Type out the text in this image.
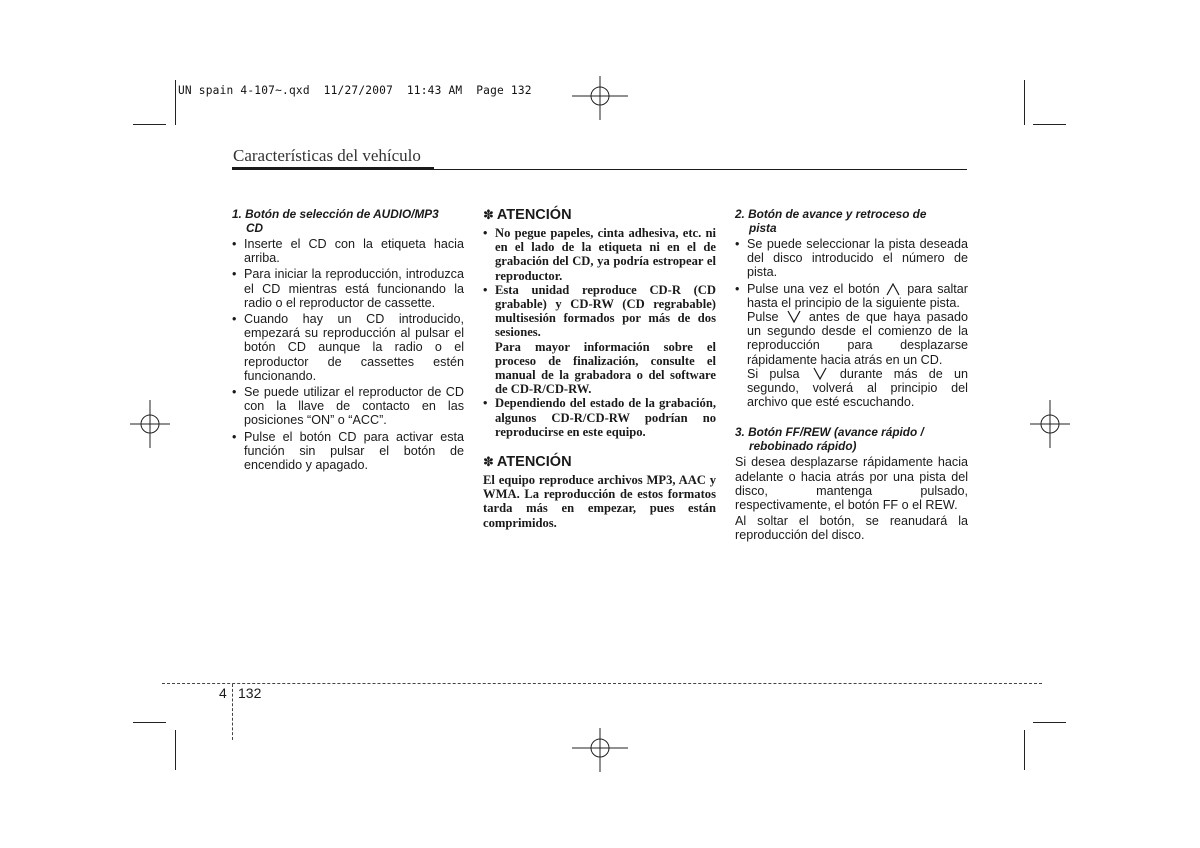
UN spain 4-107~.qxd  11/27/2007  11:43 AM  Page 132
Características del vehículo
1. Botón de selección de AUDIO/MP3
CD
• Inserte el CD con la etiqueta hacia arriba.
• Para iniciar la reproducción, introduzca el CD mientras está funcionando la radio o el reproductor de cassette.
• Cuando hay un CD introducido, empezará su reproducción al pulsar el botón CD aunque la radio o el reproductor de cassettes estén funcionando.
• Se puede utilizar el reproductor de CD con la llave de contacto en las posiciones “ON” o “ACC”.
• Pulse el botón CD para activar esta función sin pulsar el botón de encendido y apagado.
✽ ATENCIÓN
• No pegue papeles, cinta adhesiva, etc. ni en el lado de la etiqueta ni en el de grabación del CD, ya podría estropear el reproductor.
• Esta unidad reproduce CD-R (CD grabable) y CD-RW (CD regrabable) multisesión formados por más de dos sesiones.
Para mayor información sobre el proceso de finalización, consulte el manual de la grabadora o del software de CD-R/CD-RW.
• Dependiendo del estado de la grabación, algunos CD-R/CD-RW podrían no reproducirse en este equipo.
✽ ATENCIÓN
El equipo reproduce archivos MP3, AAC y WMA. La reproducción de estos formatos tarda más en empezar, pues están comprimidos.
2. Botón de avance y retroceso de
pista
• Se puede seleccionar la pista deseada del disco introducido el número de pista.
• Pulse una vez el botón para saltar hasta el principio de la siguiente pista.
Pulse antes de que haya pasado un segundo desde el comienzo de la reproducción para desplazarse rápidamente hacia atrás en un CD.
Si pulsa	durante más de un segundo, volverá al principio del archivo que esté escuchando.
3. Botón FF/REW (avance rápido /
rebobinado rápido)
Si desea desplazarse rápidamente hacia adelante o hacia atrás por una pista del disco, mantenga pulsado, respectivamente, el botón FF o el REW.
Al soltar el botón, se reanudará la reproducción del disco.
4 132
